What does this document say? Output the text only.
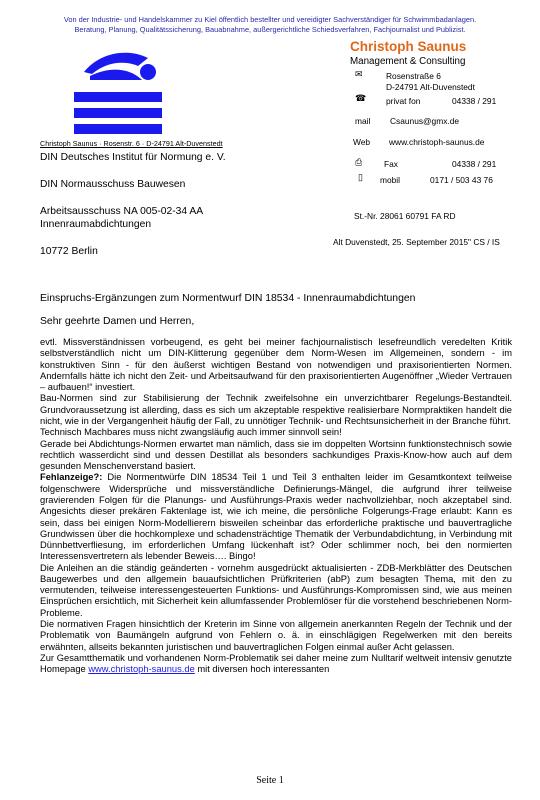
Von der Industrie- und Handelskammer zu Kiel öffentlich bestellter und vereidigter Sachverständiger für Schwimmbadanlagen.
Beratung, Planung, Qualitätssicherung, Bauabnahme, außergerichtliche Schiedsverfahren, Fachjournalist und Publizist.
Christoph Saunus
Management & Consulting
✉	Rosenstraße 6
D-24791 Alt-Duvenstedt
☎ privat fon	04338 / 291
mail Csaunus@gmx.de
Web www.christoph-saunus.de
⎙	Fax	04338 / 291
▯ mobil	0171 / 503 43 76
Christoph Saunus · Rosenstr. 6 · D-24791 Alt-Duvenstedt
DIN Deutsches Institut für Normung e. V.
DIN Normausschuss Bauwesen
Arbeitsausschuss NA 005-02-34 AA
Innenraumabdichtungen
10772 Berlin
St.-Nr. 28061 60791 FA RD
Alt Duvenstedt, 25. September 2015" CS / IS
Einspruchs-Ergänzungen zum Normentwurf DIN 18534 - Innenraumabdichtungen
Sehr geehrte Damen und Herren,

evtl. Missverständnissen vorbeugend, es geht bei meiner fachjournalistisch lesefreundlich veredelten Kritik selbstverständlich nicht um DIN-Klitterung gegenüber dem Norm-Wesen im Allgemeinen, sondern - im konstruktiven Sinn - für den äußerst wichtigen Bestand von notwendigen und praxisorientierten Normen. Andernfalls hätte ich nicht den Zeit- und Arbeitsaufwand für den praxisorientierten Augenöffner „Wieder Vertrauen – aufbauen!“ investiert.

Bau-Normen sind zur Stabilisierung der Technik zweifelsohne ein unverzichtbarer Regelungs-Bestandteil. Grundvoraussetzung ist allerding, dass es sich um akzeptable respektive realisierbare Normpraktiken handelt die nicht, wie in der Vergangenheit häufig der Fall, zu unnötiger Technik- und Rechtsunsicherheit in der Branche führt.

Technisch Machbares muss nicht zwangsläufig auch immer sinnvoll sein!

Gerade bei Abdichtungs-Normen erwartet man nämlich, dass sie im doppelten Wortsinn funktionstechnisch sowie rechtlich wasserdicht sind und dessen Destillat als besonders sachkundiges Praxis-Know-how auch auf dem gesunden Menschenverstand basiert.

Fehlanzeige?: Die Normentwürfe DIN 18534 Teil 1 und Teil 3 enthalten leider im Gesamtkontext teilweise folgenschwere Widersprüche und missverständliche Definierungs-Mängel, die aufgrund ihrer teilweise gravierenden Folgen für die Planungs- und Ausführungs-Praxis weder nachvollziehbar, noch akzeptabel sind. Angesichts dieser prekären Faktenlage ist, wie ich meine, die persönliche Folgerungs-Frage erlaubt: Kann es sein, dass bei einigen Norm-Modellierern bisweilen scheinbar das erforderliche praktische und bauvertragliche Grundwissen über die hochkomplexe und schadensträchtige Thematik der Verbundabdichtung, in Verbindung mit Dünnbettverfliesung, im erforderlichen Umfang lückenhaft ist? Oder schlimmer noch, bei den normierten Interessensvertretern als lebender Beweis…. Bingo!

Die Anleihen an die ständig geänderten - vornehm ausgedrückt aktualisierten - ZDB-Merkblätter des Deutschen Baugewerbes und den allgemein bauaufsichtlichen Prüfkriterien (abP) zum besagten Thema, mit den zu vermutenden, teilweise interessengesteuerten Funktions- und Ausführungs-Kompromissen sind, wie aus meinen Einsprüchen ersichtlich, mit Sicherheit kein allumfassender Problemlöser für die vorstehend beschriebenen Norm-Probleme.

Die normativen Fragen hinsichtlich der Kreterin im Sinne von allgemein anerkannten Regeln der Technik und der Problematik von Baumängeln aufgrund von Fehlern o. ä. in einschlägigen Regelwerken mit den bereits erwähnten, allseits bekannten juristischen und bauvertraglichen Folgen einmal außer Acht gelassen.

Zur Gesamtthematik und vorhandenen Norm-Problematik sei daher meine zum Nulltarif weltweit intensiv genutzte Homepage www.christoph-saunus.de mit diversen hoch interessanten

Seite 1
